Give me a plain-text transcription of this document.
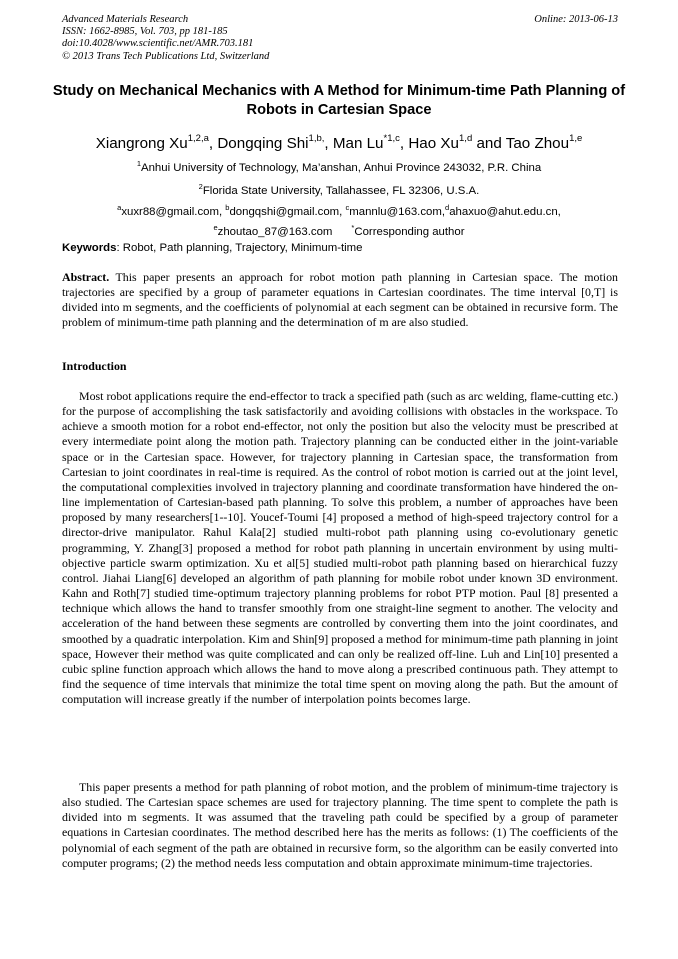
Advanced Materials Research
ISSN: 1662-8985, Vol. 703, pp 181-185
doi:10.4028/www.scientific.net/AMR.703.181
© 2013 Trans Tech Publications Ltd, Switzerland
Online: 2013-06-13
Study on Mechanical Mechanics with A Method for Minimum-time Path Planning of Robots in Cartesian Space
Xiangrong Xu$^{1,2,a}$, Dongqing Shi$^{1,b,}$, Man Lu$^{*1,c}$, Hao Xu$^{1,d}$ and Tao Zhou$^{1,e}$
$^1$Anhui University of Technology, Ma’anshan, Anhui Province 243032, P.R. China
$^2$Florida State University, Tallahassee, FL 32306, U.S.A.
$^a$xuxr88@gmail.com, $^b$dongqshi@gmail.com, $^c$mannlu@163.com,$^d$ahaxuo@ahut.edu.cn,
$^e$zhoutao_87@163.com	*Corresponding author
Keywords: Robot, Path planning, Trajectory, Minimum-time
Abstract. This paper presents an approach for robot motion path planning in Cartesian space. The motion trajectories are specified by a group of parameter equations in Cartesian coordinates. The time interval [0,T] is divided into m segments, and the coefficients of polynomial at each segment can be obtained in recursive form. The problem of minimum-time path planning and the determination of m are also studied.
Introduction

Most robot applications require the end-effector to track a specified path (such as arc welding, flame-cutting etc.) for the purpose of accomplishing the task satisfactorily and avoiding collisions with obstacles in the workspace. To achieve a smooth motion for a robot end-effector, not only the position but also the velocity must be prescribed at every intermediate point along the motion path. Trajectory planning can be conducted either in the joint-variable space or in the Cartesian space. However, for trajectory planning in Cartesian space, the transformation from Cartesian to joint coordinates in real-time is required. As the control of robot motion is carried out at the joint level, the computational complexities involved in trajectory planning and coordinate transformation have hindered the on-line implementation of Cartesian-based path planning. To solve this problem, a number of approaches have been proposed by many researchers[1--10]. Youcef-Toumi [4] proposed a method of high-speed trajectory control for a director-drive manipulator. Rahul Kala[2] studied multi-robot path planning using co-evolutionary genetic programming, Y. Zhang[3] proposed a method for robot path planning in uncertain environment by using multi-objective particle swarm optimization. Xu et al[5] studied multi-robot path planning based on hierarchical fuzzy control. Jiahai Liang[6] developed an algorithm of path planning for mobile robot under known 3D environment. Kahn and Roth[7] studied time-optimum trajectory planning problems for robot PTP motion. Paul [8] presented a technique which allows the hand to transfer smoothly from one straight-line segment to another. The velocity and acceleration of the hand between these segments are controlled by converting them into the joint coordinates, and smoothed by a quadratic interpolation. Kim and Shin[9] proposed a method for minimum-time path planning in joint space, However their method was quite complicated and can only be realized off-line. Luh and Lin[10] presented a cubic spline function approach which allows the hand to move along a prescribed continuous path. They attempt to find the sequence of time intervals that minimize the total time spent on moving along the path. But the amount of computation will increase greatly if the number of interpolation points becomes large.

This paper presents a method for path planning of robot motion, and the problem of minimum-time trajectory is also studied. The Cartesian space schemes are used for trajectory planning. The time spent to complete the path is divided into m segments. It was assumed that the traveling path could be specified by a group of parameter equations in Cartesian coordinates. The method described here has the merits as follows: (1) The coefficients of the polynomial of each segment of the path are obtained in recursive form, so the algorithm can be easily converted into computer programs; (2) the method needs less computation and obtain approximate minimum-time trajectories.
